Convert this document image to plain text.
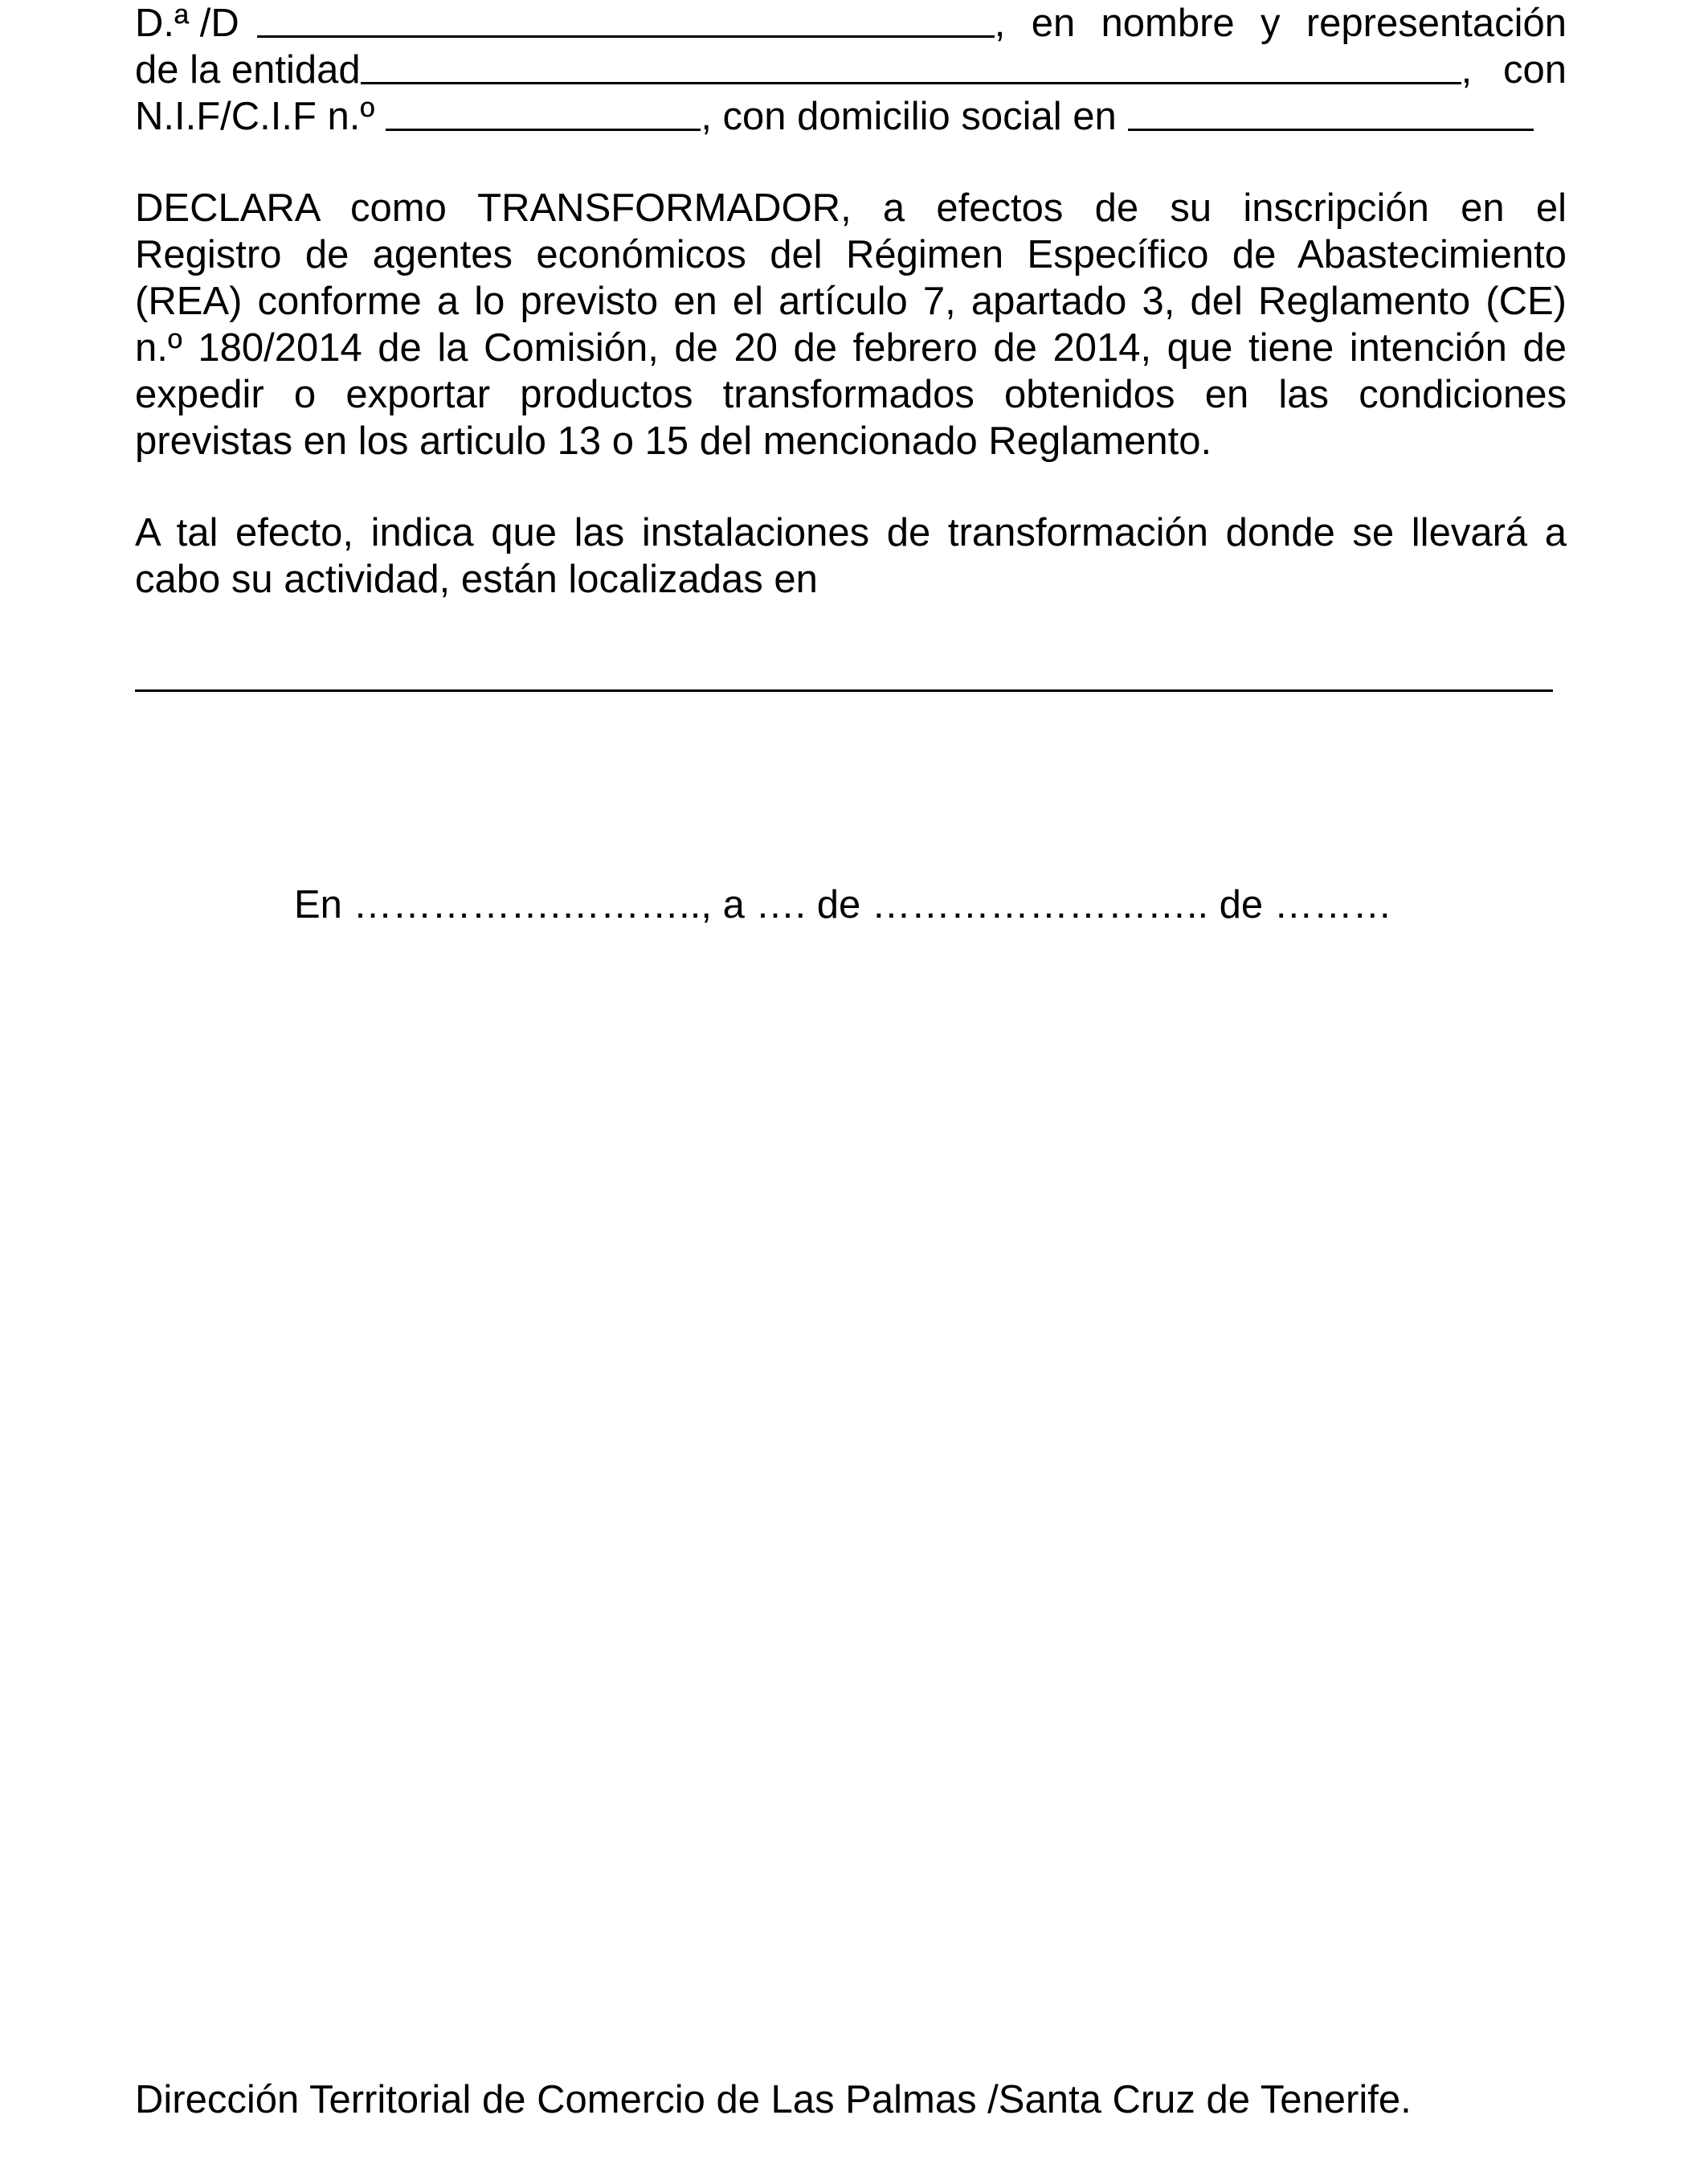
D.ª /D	, en nombre y representación
de la entidad	, con
N.I.F/C.I.F n.º	, con domicilio social en
DECLARA como TRANSFORMADOR, a efectos de su inscripción en el
Registro de agentes económicos del Régimen Específico de Abastecimiento
(REA) conforme a lo previsto en el artículo 7, apartado 3, del Reglamento (CE)
n.º 180/2014 de la Comisión, de 20 de febrero de 2014, que tiene intención de
expedir o exportar productos transformados obtenidos en las condiciones
previstas en los articulo 13 o 15 del mencionado Reglamento.
A tal efecto, indica que las instalaciones de transformación donde se llevará a
cabo su actividad, están localizadas en
En …………….……….., a …. de …………………….. de ………
Dirección Territorial de Comercio de Las Palmas /Santa Cruz de Tenerife.
